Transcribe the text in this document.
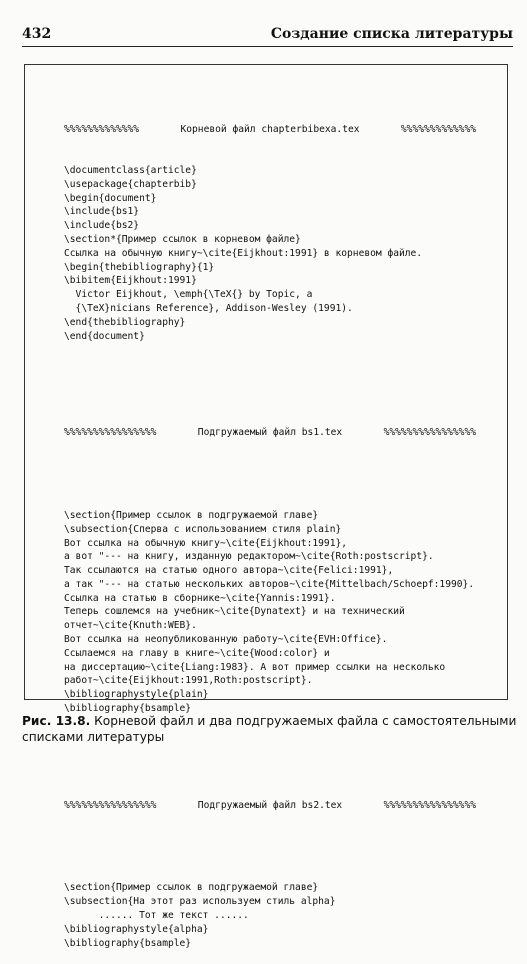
432	Создание списка литературы

%%%%%%%%%%%%%	Корневой файл chapterbibexa.tex	%%%%%%%%%%%%%

\documentclass{article}
\usepackage{chapterbib}
\begin{document}
\include{bs1}
\include{bs2}
\section*{Пример ссылок в корневом файле}
Ссылка на обычную книгу~\cite{Eijkhout:1991} в корневом файле.
\begin{thebibliography}{1}
\bibitem{Eijkhout:1991}
Victor Eijkhout, \emph{\TeX{} by Topic, a
{\TeX}nicians Reference}, Addison-Wesley (1991).
\end{thebibliography}
\end{document}

%%%%%%%%%%%%%%%%	Подгружаемый файл bs1.tex	%%%%%%%%%%%%%%%%

\section{Пример ссылок в подгружаемой главе}
\subsection{Сперва с использованием стиля plain}
Вот ссылка на обычную книгу~\cite{Eijkhout:1991},
а вот "--- на книгу, изданную редактором~\cite{Roth:postscript}.
Так ссылаются на статью одного автора~\cite{Felici:1991},
а так "--- на статью нескольких авторов~\cite{Mittelbach/Schoepf:1990}.
Ссылка на статью в сборнике~\cite{Yannis:1991}.
Теперь сошлемся на учебник~\cite{Dynatext} и на технический
отчет~\cite{Knuth:WEB}.
Вот ссылка на неопубликованную работу~\cite{EVH:Office}.
Ссылаемся на главу в книге~\cite{Wood:color} и
на диссертацию~\cite{Liang:1983}. А вот пример ссылки на несколько
работ~\cite{Eijkhout:1991,Roth:postscript}.
\bibliographystyle{plain}
\bibliography{bsample}

%%%%%%%%%%%%%%%%	Подгружаемый файл bs2.tex	%%%%%%%%%%%%%%%%

\section{Пример ссылок в подгружаемой главе}
\subsection{На этот раз используем стиль alpha}
...... Тот же текст ......
\bibliographystyle{alpha}
\bibliography{bsample}

Рис. 13.8. Корневой файл и два подгружаемых файла с самостоятельными списками литературы
